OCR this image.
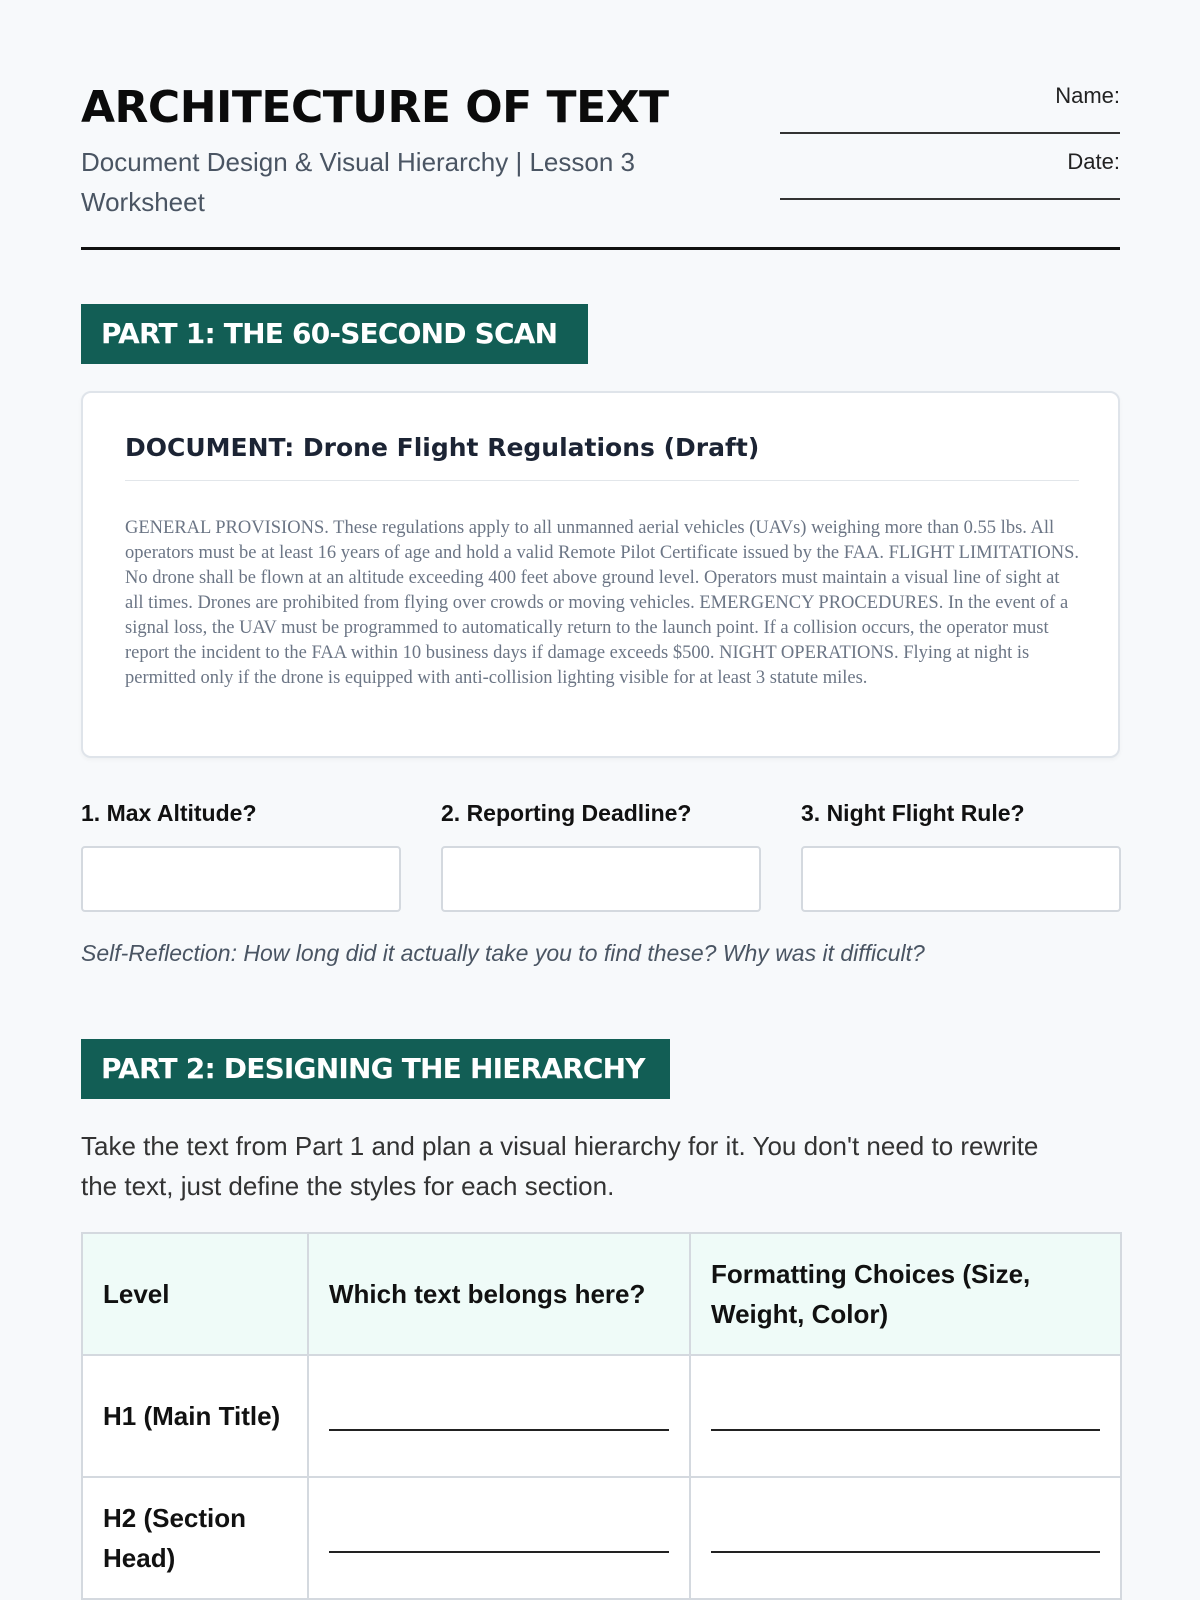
ARCHITECTURE OF TEXT
Document Design & Visual Hierarchy | Lesson 3 Worksheet
Name:
Date:
PART 1: THE 60-SECOND SCAN
DOCUMENT: Drone Flight Regulations (Draft)

GENERAL PROVISIONS. These regulations apply to all unmanned aerial vehicles (UAVs) weighing more than 0.55 lbs. All operators must be at least 16 years of age and hold a valid Remote Pilot Certificate issued by the FAA. FLIGHT LIMITATIONS. No drone shall be flown at an altitude exceeding 400 feet above ground level. Operators must maintain a visual line of sight at all times. Drones are prohibited from flying over crowds or moving vehicles. EMERGENCY PROCEDURES. In the event of a signal loss, the UAV must be programmed to automatically return to the launch point. If a collision occurs, the operator must report the incident to the FAA within 10 business days if damage exceeds $500. NIGHT OPERATIONS. Flying at night is permitted only if the drone is equipped with anti-collision lighting visible for at least 3 statute miles.

1. Max Altitude?	2. Reporting Deadline?	3. Night Flight Rule?
Self-Reflection: How long did it actually take you to find these? Why was it difficult?
PART 2: DESIGNING THE HIERARCHY
Take the text from Part 1 and plan a visual hierarchy for it. You don't need to rewrite the text, just define the styles for each section.
Level	Which text belongs here?	Formatting Choices (Size, Weight, Color)
H1 (Main Title)	

H2 (Section Head)	
